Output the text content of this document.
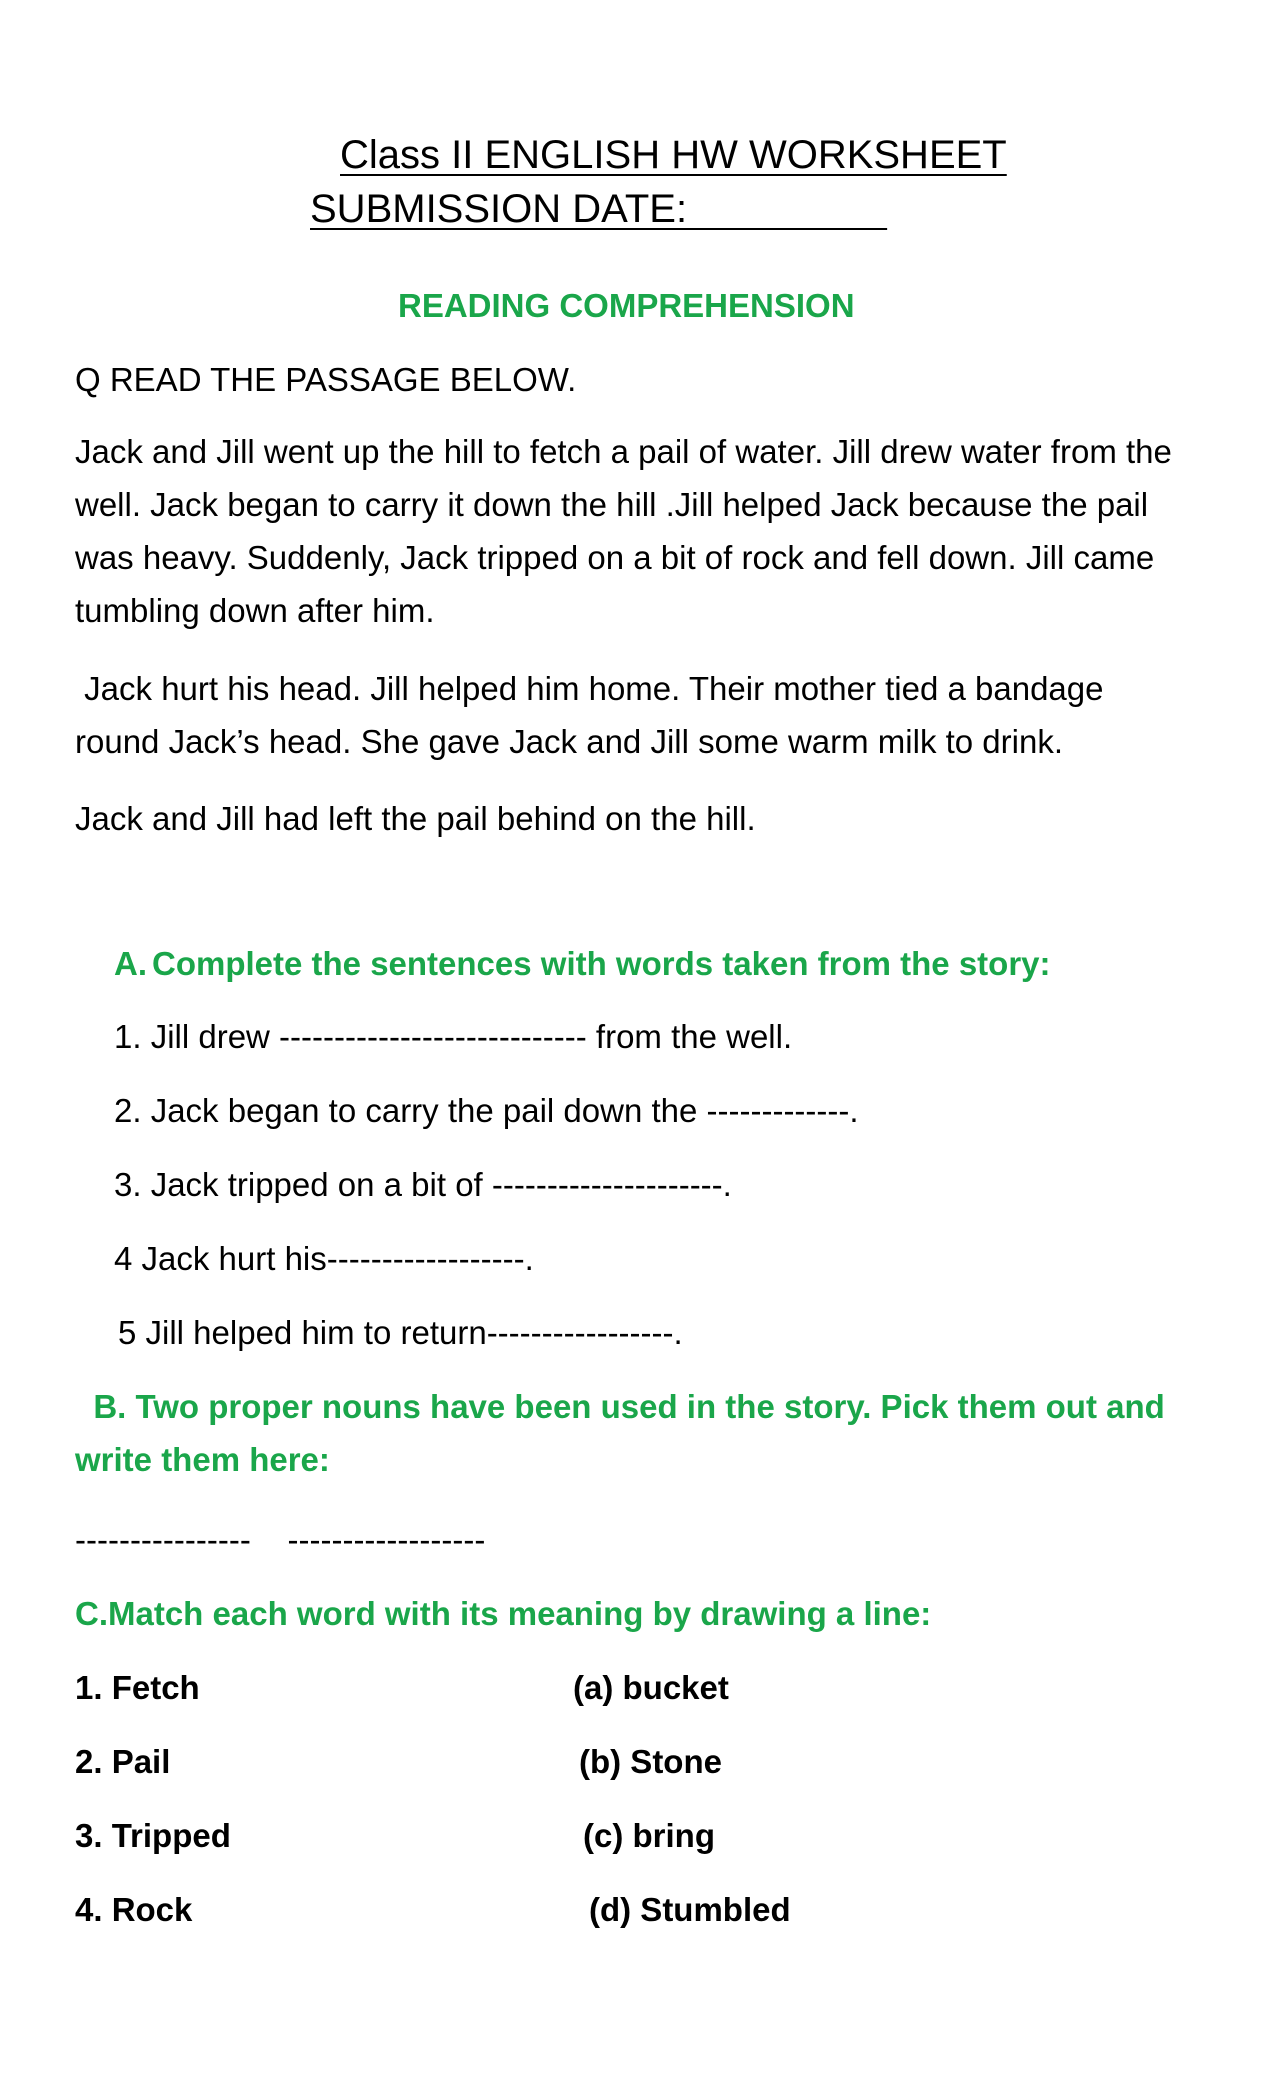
Class II ENGLISH HW WORKSHEET
SUBMISSION DATE:
READING COMPREHENSION
Q READ THE PASSAGE BELOW.
Jack and Jill went up the hill to fetch a pail of water. Jill drew water from the well. Jack began to carry it down the hill .Jill helped Jack because the pail was heavy. Suddenly, Jack tripped on a bit of rock and fell down. Jill came tumbling down after him.
Jack hurt his head. Jill helped him home. Their mother tied a bandage round Jack’s head. She gave Jack and Jill some warm milk to drink.
Jack and Jill had left the pail behind on the hill.
A. Complete the sentences with words taken from the story:
1. Jill drew ---------------------------- from the well.
2. Jack began to carry the pail down the -------------.
3. Jack tripped on a bit of ---------------------.
4 Jack hurt his------------------.
5 Jill helped him to return-----------------.
B. Two proper nouns have been used in the story. Pick them out and write them here:
----------------    ------------------
C.Match each word with its meaning by drawing a line:
1. Fetch	(a) bucket
2. Pail	(b) Stone
3. Tripped	(c) bring
4. Rock	(d) Stumbled
